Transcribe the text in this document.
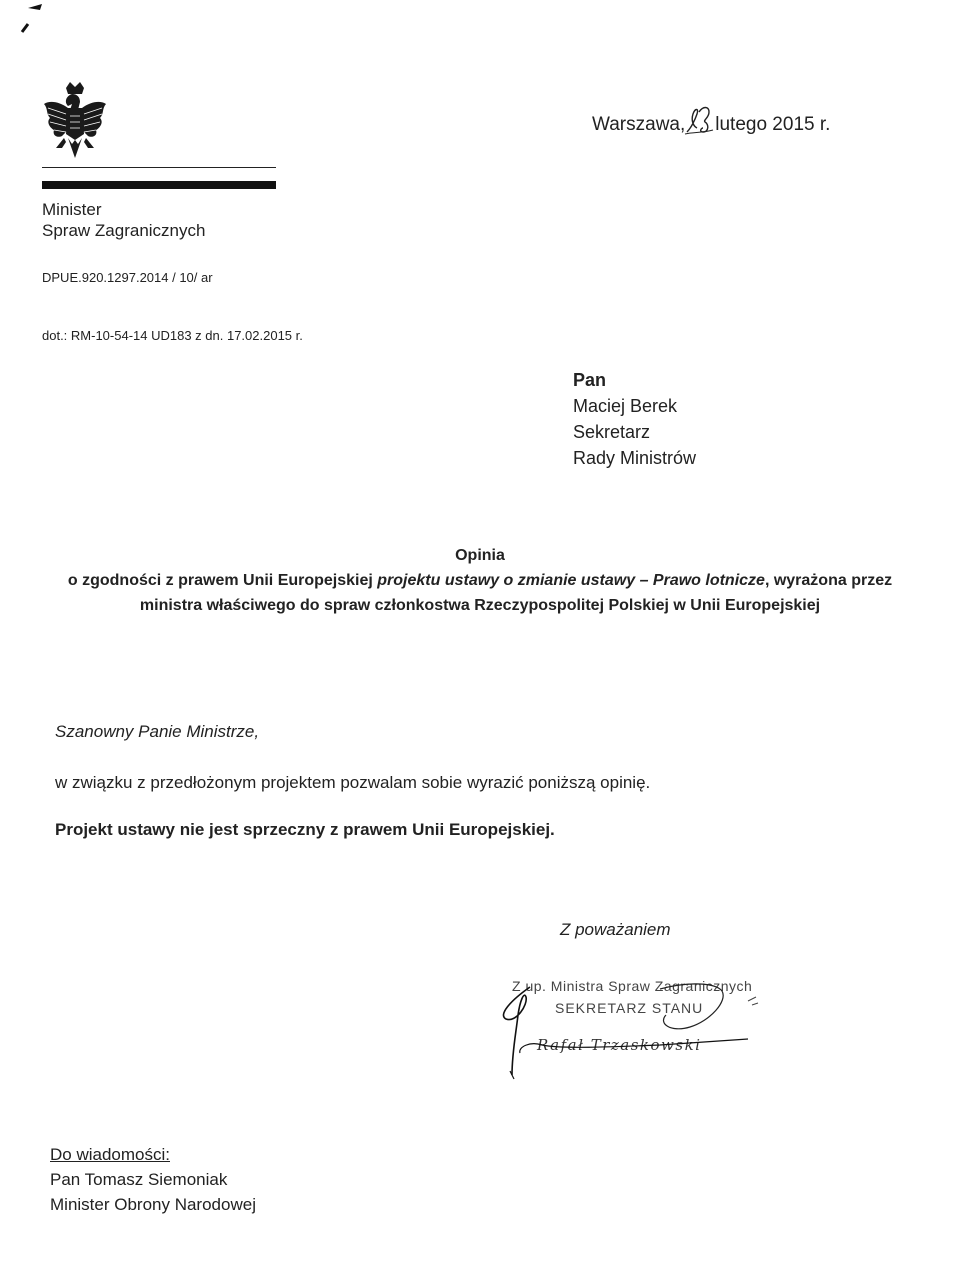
Minister
Spraw Zagranicznych
DPUE.920.1297.2014 / 10/ ar
dot.: RM-10-54-14 UD183 z dn. 17.02.2015 r.
Warszawa, lutego 2015 r.
Pan
Maciej Berek
Sekretarz
Rady Ministrów
Opinia
o zgodności z prawem Unii Europejskiej projektu ustawy o zmianie ustawy – Prawo lotnicze, wyrażona przez ministra właściwego do spraw członkostwa Rzeczypospolitej Polskiej w Unii Europejskiej
Szanowny Panie Ministrze,
w związku z przedłożonym projektem pozwalam sobie wyrazić poniższą opinię.
Projekt ustawy nie jest sprzeczny z prawem Unii Europejskiej.
Z poważaniem
Z up. Ministra Spraw Zagranicznych
SEKRETARZ STANU
Rafał Trzaskowski
Do wiadomości:
Pan Tomasz Siemoniak
Minister Obrony Narodowej
